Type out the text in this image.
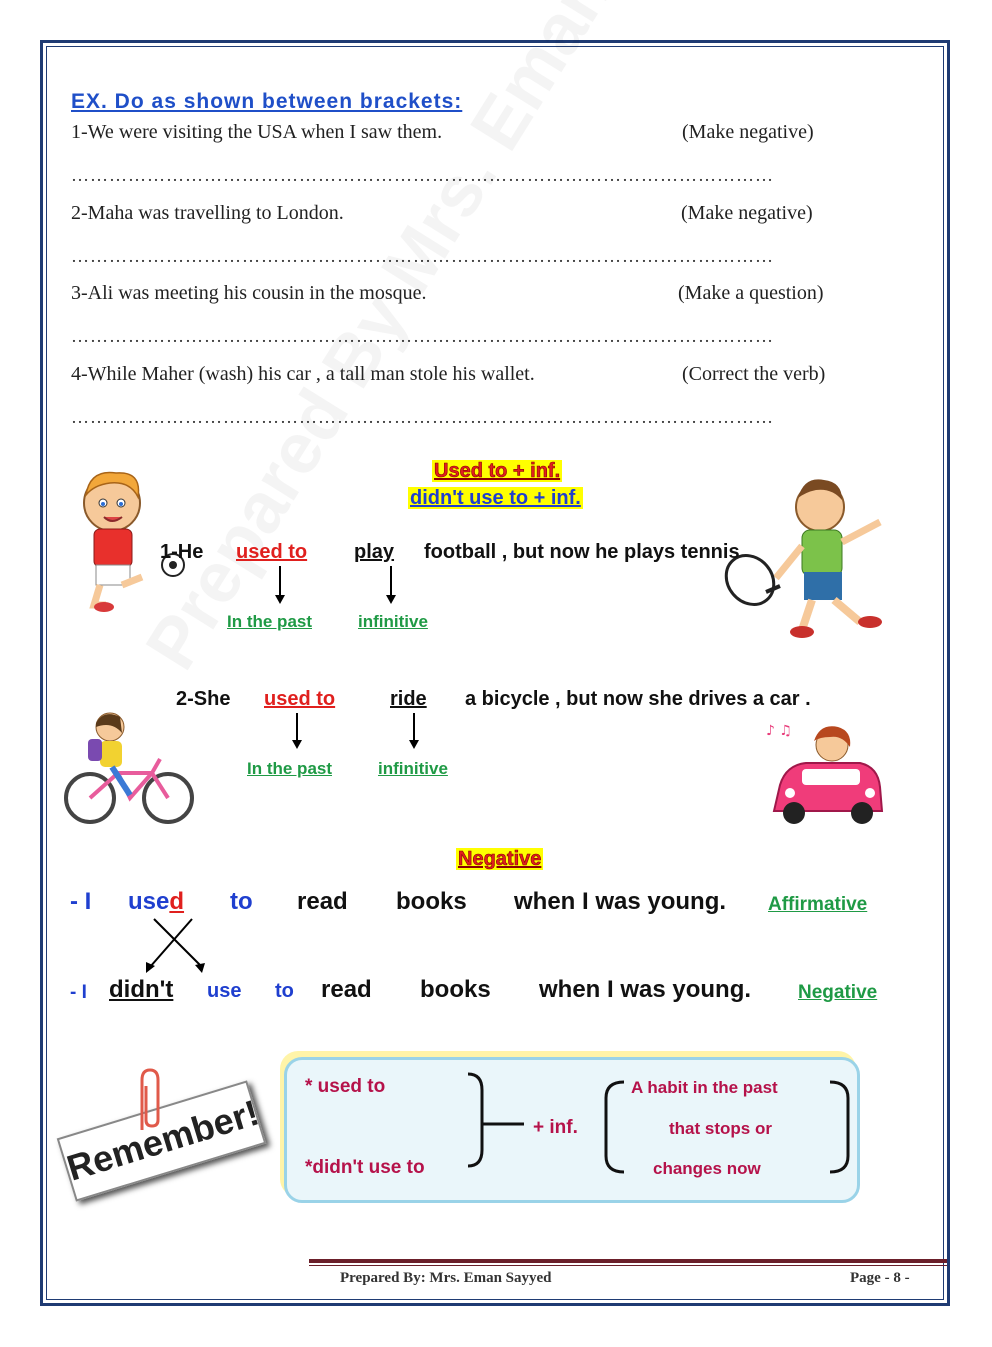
EX. Do as shown between brackets:
1-We were visiting the USA when I saw them.	(Make negative)
…………………………………………………………………………………………………
2-Maha was travelling to London.	(Make negative)
…………………………………………………………………………………………………
3-Ali was meeting his cousin in the mosque.	(Make a question)
…………………………………………………………………………………………………
4-While Maher (wash) his car , a tall man stole his wallet.	(Correct the verb)
…………………………………………………………………………………………………
Used to + inf.
didn't use to + inf.
1-He used to play football , but now he plays tennis
In the past	infinitive
♪ ♫
2-She used to	ride a bicycle , but now she drives a car .
In the past	infinitive
Negative
- I used to read books when I was young. Affirmative
- I didn't use to read books when I was young. Negative
Remember!
* used to
*didn't use to
+ inf.
A habit in the past
that stops or
changes now
Prepared By: Mrs. Eman Sayyed	Page - 8 -
